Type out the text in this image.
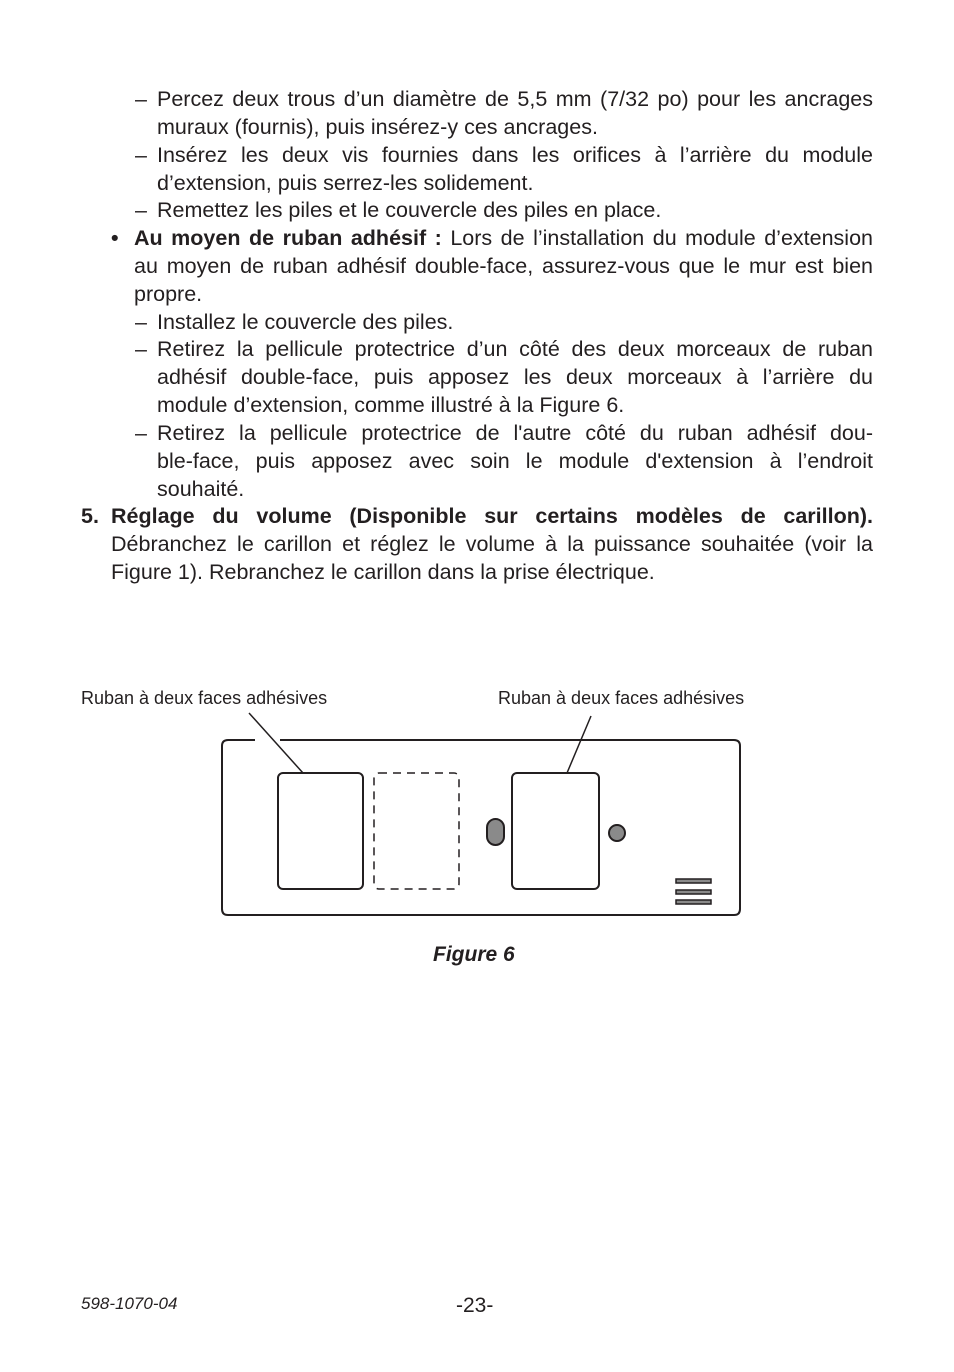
– Percez deux trous d’un diamètre de 5,5 mm (7/32 po) pour les ancrages
muraux (fournis), puis insérez-y ces ancrages.

– Insérez les deux vis fournies dans les orifices à l’arrière du module
d’extension, puis serrez-les solidement.

– Remettez les piles et le couvercle des piles en place.

• Au moyen de ruban adhésif : Lors de l’installation du module d’extension
au moyen de ruban adhésif double-face, assurez-vous que le mur est bien
propre.

– Installez le couvercle des piles.

– Retirez la pellicule protectrice d’un côté des deux morceaux de ruban
adhésif double-face, puis apposez les deux morceaux à l’arrière du
module d’extension, comme illustré à la Figure 6.

– Retirez la pellicule protectrice de l'autre côté du ruban adhésif dou-
ble-face, puis apposez avec soin le module d'extension à l’endroit
souhaité.

5. Réglage du volume (Disponible sur certains modèles de carillon).
Débranchez le carillon et réglez le volume à la puissance souhaitée (voir la
Figure 1). Rebranchez le carillon dans la prise électrique.

Ruban à deux faces adhésives	Ruban à deux faces adhésives
Figure 6
598-1070-04	-23-
